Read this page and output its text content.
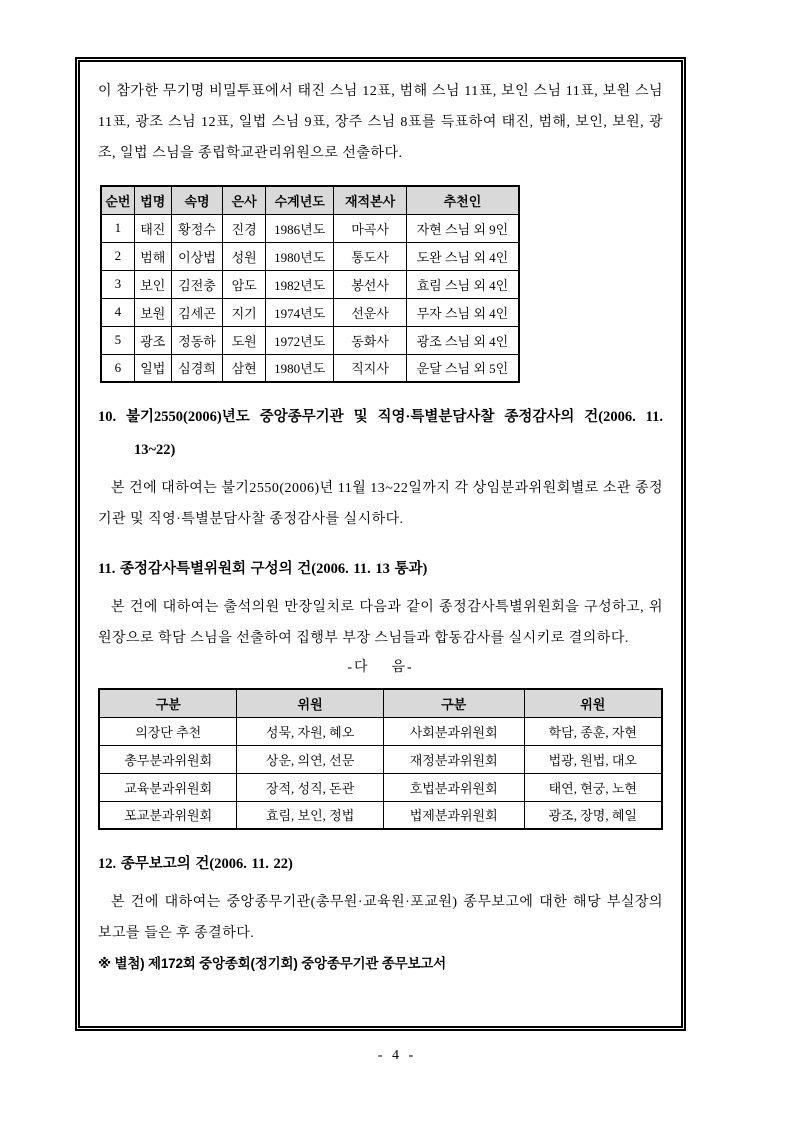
이 참가한 무기명 비밀투표에서 태진 스님 12표, 범해 스님 11표, 보인 스님 11표, 보원 스님 11표, 광조 스님 12표, 일법 스님 9표, 장주 스님 8표를 득표하여 태진, 범해, 보인, 보원, 광조, 일법 스님을 종립학교관리위원으로 선출하다.

순번	법명	속명	은사	수계년도	재적본사	추천인
1	태진	황정수	진경	1986년도	마곡사	자현 스님 외 9인
2	범해	이상법	성원	1980년도	통도사	도완 스님 외 4인
3	보인	김전충	암도	1982년도	봉선사	효림 스님 외 4인
4	보원	김세곤	지기	1974년도	선운사	무자 스님 외 4인
5	광조	정동하	도원	1972년도	동화사	광조 스님 외 4인
6	일법	심경희	삼현	1980년도	직지사	운달 스님 외 5인

10. 불기2550(2006)년도 중앙종무기관 및 직영·특별분담사찰 종정감사의 건(2006. 11. 13~22)

본 건에 대하여는 불기2550(2006)년 11월 13~22일까지 각 상임분과위원회별로 소관 종정기관 및 직영·특별분담사찰 종정감사를 실시하다.

11. 종정감사특별위원회 구성의 건(2006. 11. 13 통과)

본 건에 대하여는 출석의원 만장일치로 다음과 같이 종정감사특별위원회을 구성하고, 위원장으로 학담 스님을 선출하여 집행부 부장 스님들과 합동감사를 실시키로 결의하다.

-다    음-

구분	위원	구분	위원
의장단 추천	성묵, 자원, 혜오	사회분과위원회	학담, 종훈, 자현
총무분과위원회	상운, 의연, 선문	재정분과위원회	법광, 원법, 대오
교육분과위원회	장적, 성직, 돈관	호법분과위원회	태연, 현궁, 노현
포교분과위원회	효림, 보인, 정법	법제분과위원회	광조, 장명, 혜일

12. 종무보고의 건(2006. 11. 22)

본 건에 대하여는 중앙종무기관(총무원·교육원·포교원) 종무보고에 대한 해당 부실장의 보고를 들은 후 종결하다.

※ 별첨) 제172회 중앙종회(정기회) 중앙종무기관 종무보고서

- 4 -
